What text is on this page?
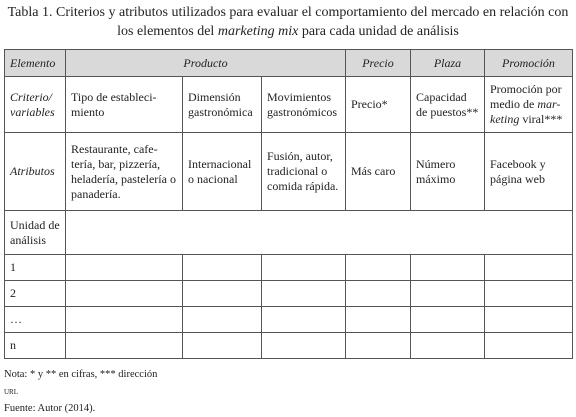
Tabla 1. Criterios y atributos utilizados para evaluar el comportamiento del mercado en relación con
los elementos del marketing mix para cada unidad de análisis
Elemento	Producto			Precio	Plaza	Promoción
Criterio/ variables	Tipo de estableci- miento	Dimensión gastronómica	Movimientos gastronómicos	Precio*	Capacidad de puestos**	Promoción por medio de mar- keting viral***
Atributos	Restaurante, cafe- tería, bar, pizzería, heladería, pastelería o panadería.	Internacional o nacional	Fusión, autor, tradicional o comida rápida.	Más caro	Número máximo	Facebook y página web
Unidad de análisis						
1						
2						
…						
n						
Nota: * y ** en cifras, *** dirección
url
Fuente: Autor (2014).
